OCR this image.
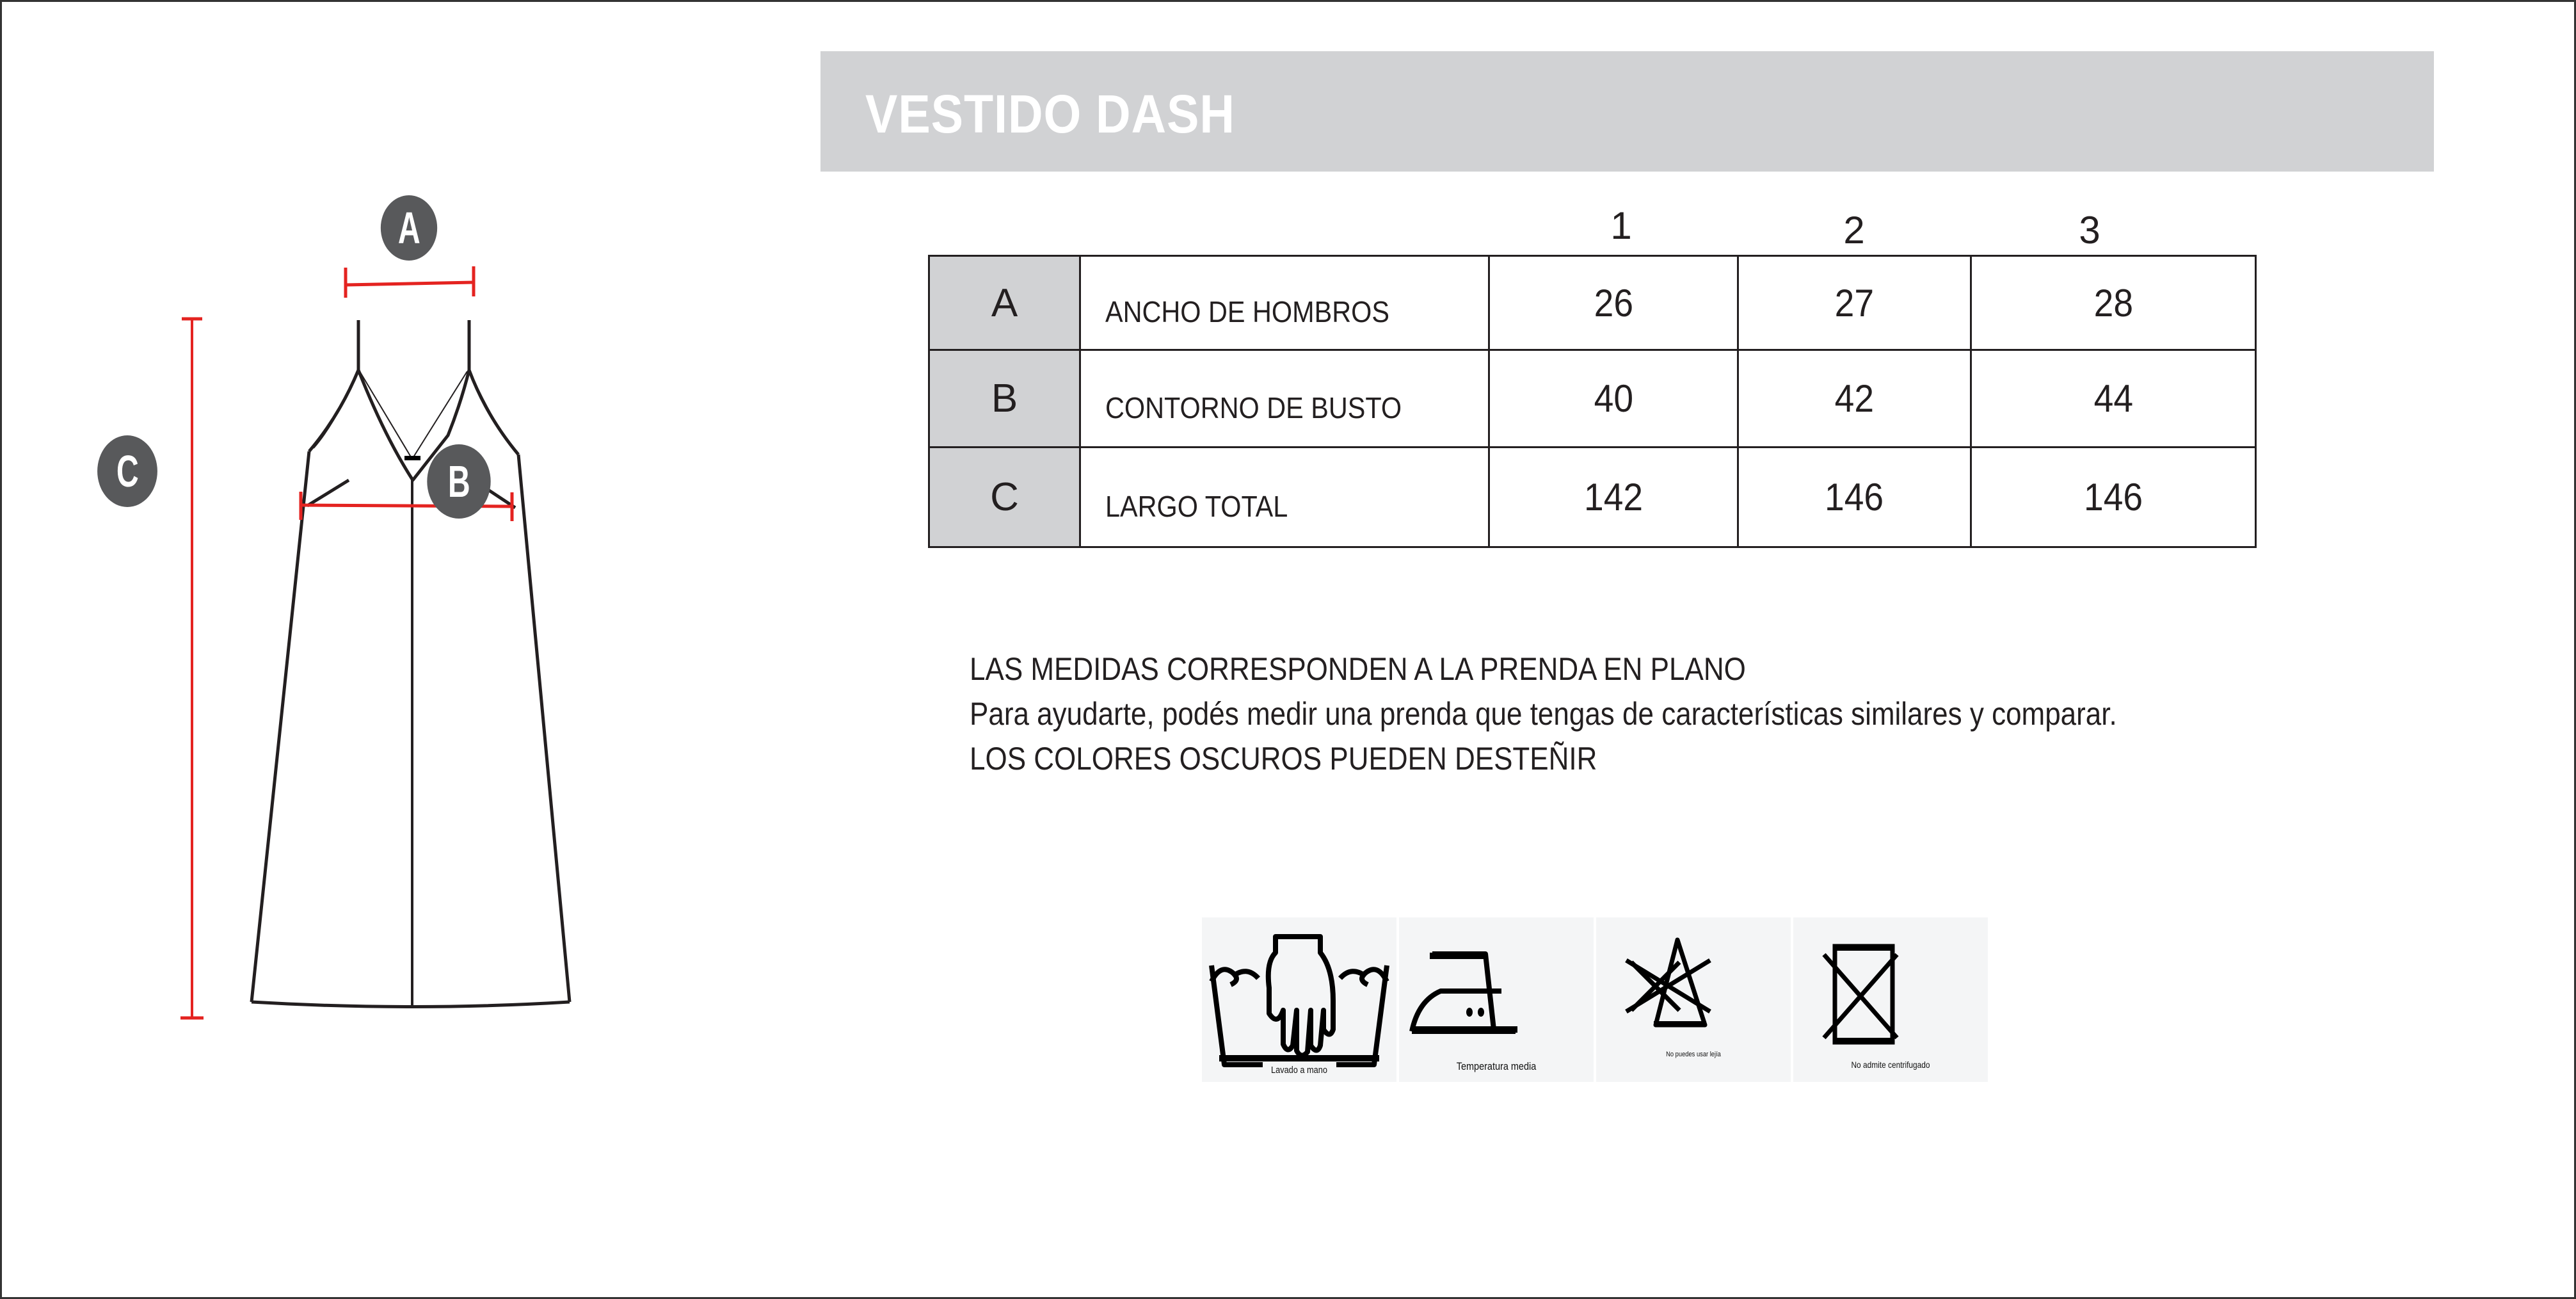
A
B
C
VESTIDO DASH
1	2	3
A	ANCHO DE HOMBROS	26	27	28
B	CONTORNO DE BUSTO	40	42	44
C	LARGO TOTAL	142	146	146
LAS MEDIDAS CORRESPONDEN A LA PRENDA EN PLANO
Para ayudarte, podés medir una prenda que tengas de características similares y comparar.
LOS COLORES OSCUROS PUEDEN DESTEÑIR
Lavado a mano	Temperatura media
No puedes usar lejía
No admite centrifugado
